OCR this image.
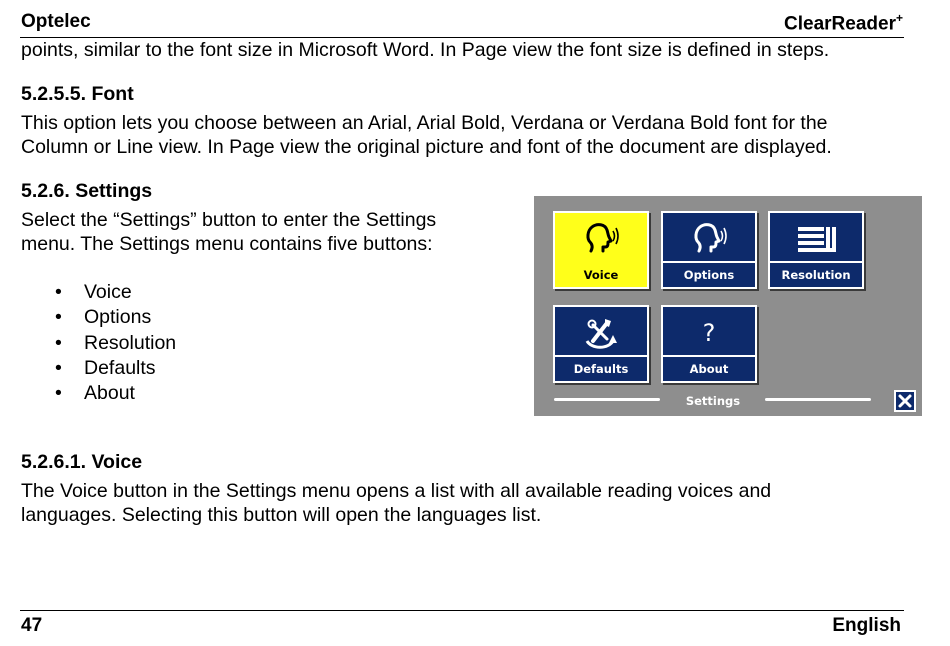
Optelec	ClearReader+
points, similar to the font size in Microsoft Word. In Page view the font size is defined in steps.
5.2.5.5. Font
This option lets you choose between an Arial, Arial Bold, Verdana or Verdana Bold font for the
Column or Line view. In Page view the original picture and font of the document are displayed.
5.2.6. Settings
Select the “Settings” button to enter the Settings
menu. The Settings menu contains five buttons:
• Voice
• Options
• Resolution
• Defaults
• About
Voice	Options	Resolution
Defaults
?
About
Settings
5.2.6.1. Voice
The Voice button in the Settings menu opens a list with all available reading voices and
languages. Selecting this button will open the languages list.
47	English
